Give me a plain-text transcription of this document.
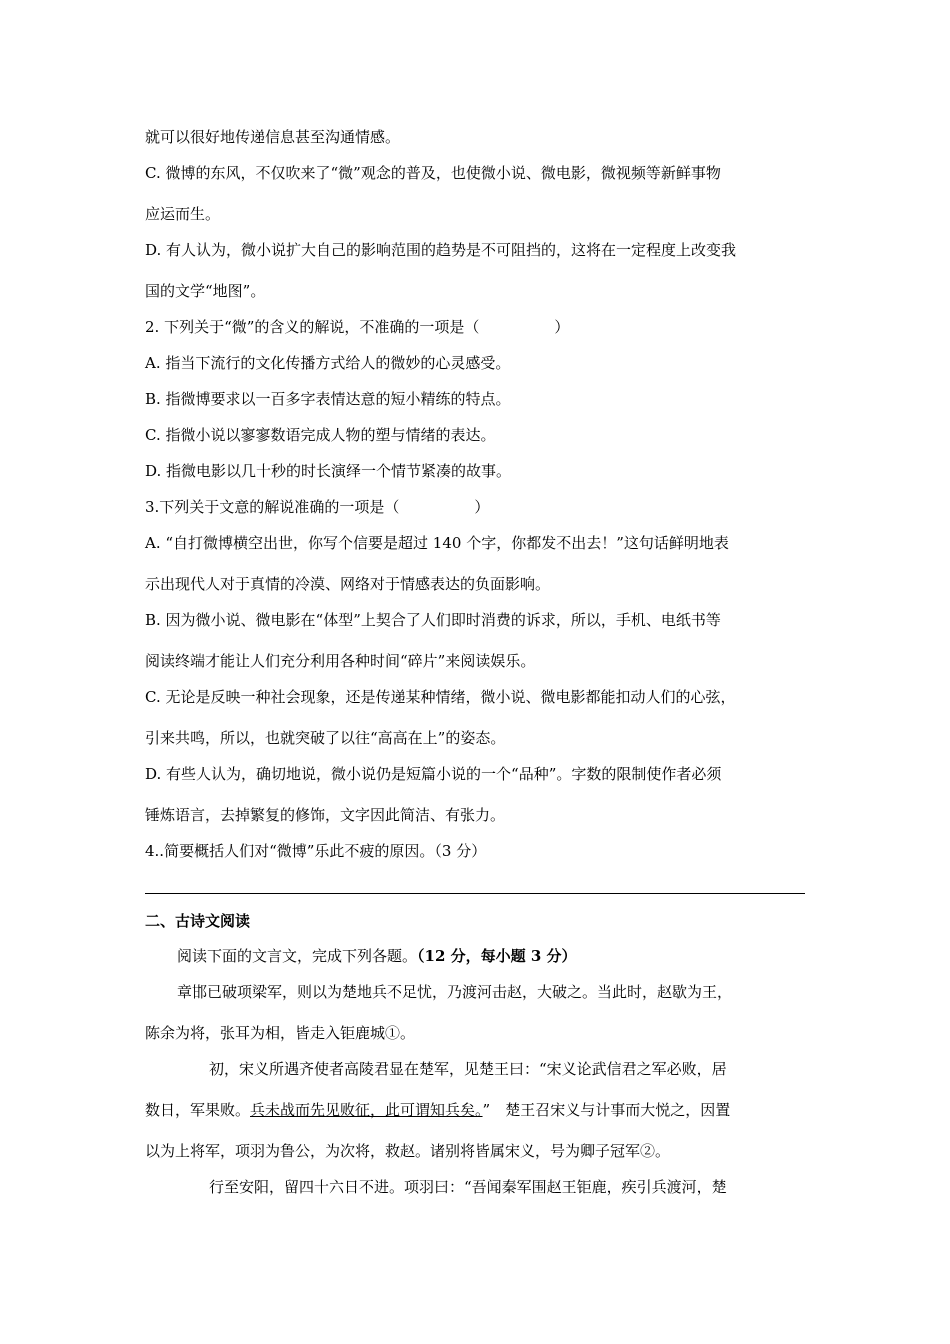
就可以很好地传递信息甚至沟通情感。
C. 微博的东风，不仅吹来了“微”观念的普及，也使微小说、微电影，微视频等新鲜事物
应运而生。
D. 有人认为，微小说扩大自己的影响范围的趋势是不可阻挡的，这将在一定程度上改变我
国的文学“地图”。
2. 下列关于“微”的含义的解说，不准确的一项是（　　　　　）
A. 指当下流行的文化传播方式给人的微妙的心灵感受。
B. 指微博要求以一百多字表情达意的短小精练的特点。
C. 指微小说以寥寥数语完成人物的塑与情绪的表达。
D. 指微电影以几十秒的时长演绎一个情节紧凑的故事。
3.下列关于文意的解说准确的一项是（　　　　　）
A. “自打微博横空出世，你写个信要是超过 140 个字，你都发不出去！”这句话鲜明地表
示出现代人对于真情的冷漠、网络对于情感表达的负面影响。
B. 因为微小说、微电影在“体型”上契合了人们即时消费的诉求，所以，手机、电纸书等
阅读终端才能让人们充分利用各种时间“碎片”来阅读娱乐。
C. 无论是反映一种社会现象，还是传递某种情绪，微小说、微电影都能扣动人们的心弦，
引来共鸣，所以，也就突破了以往“高高在上”的姿态。
D. 有些人认为，确切地说，微小说仍是短篇小说的一个“品种”。字数的限制使作者必须
锤炼语言，去掉繁复的修饰，文字因此简洁、有张力。
4..简要概括人们对“微博”乐此不疲的原因。（3 分）
二、古诗文阅读
阅读下面的文言文，完成下列各题。（12 分，每小题 3 分）
章邯已破项梁军，则以为楚地兵不足忧，乃渡河击赵，大破之。当此时，赵歇为王，
陈余为将，张耳为相，皆走入钜鹿城①。
初，宋义所遇齐使者高陵君显在楚军，见楚王曰：“宋义论武信君之军必败，居
数日，军果败。兵未战而先见败征，此可谓知兵矣。”　楚王召宋义与计事而大悦之，因置
以为上将军，项羽为鲁公，为次将，救赵。诸别将皆属宋义，号为卿子冠军②。
行至安阳，留四十六日不进。项羽曰：“吾闻秦军围赵王钜鹿，疾引兵渡河，楚
